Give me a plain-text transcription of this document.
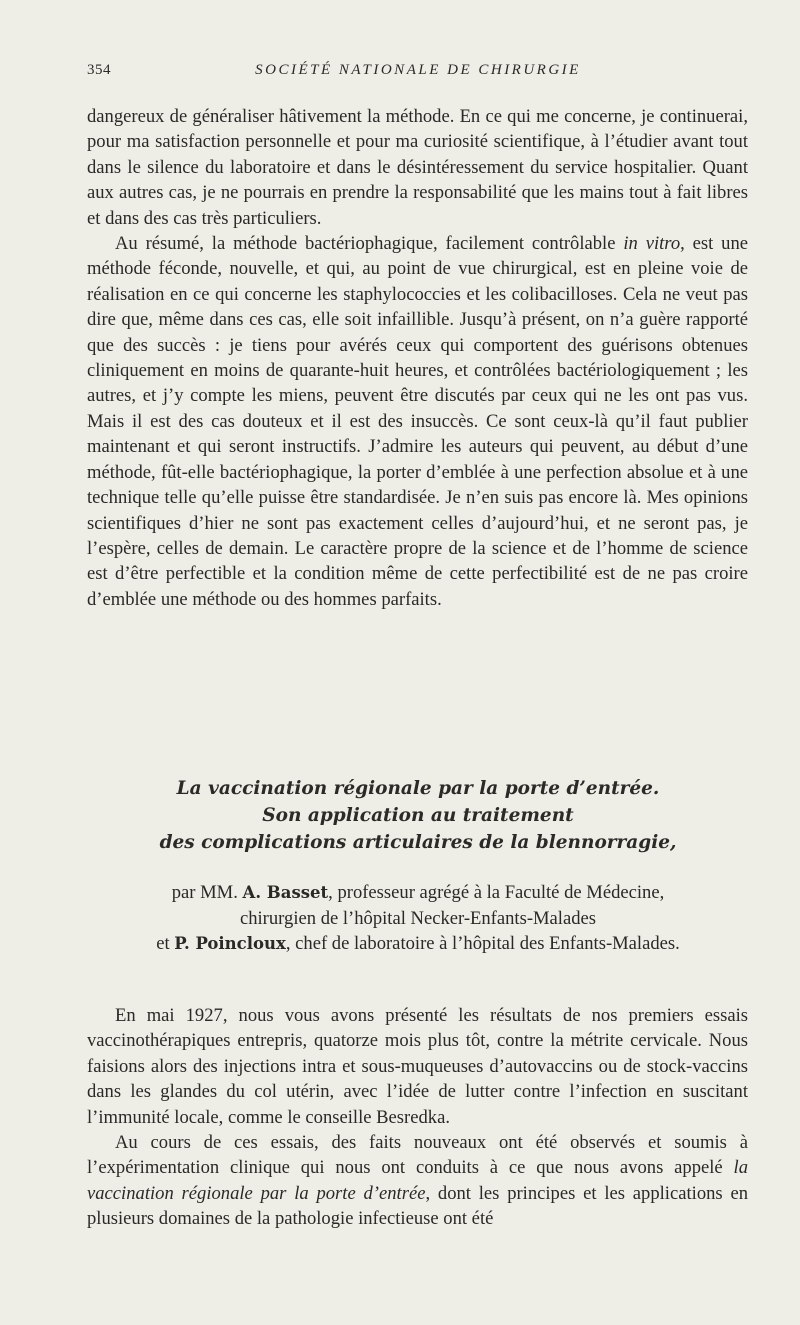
354	SOCIÉTÉ NATIONALE DE CHIRURGIE

dangereux de généraliser hâtivement la méthode. En ce qui me concerne, je continuerai, pour ma satisfaction personnelle et pour ma curiosité scientifique, à l’étudier avant tout dans le silence du laboratoire et dans le désintéressement du service hospitalier. Quant aux autres cas, je ne pourrais en prendre la responsabilité que les mains tout à fait libres et dans des cas très particuliers.

Au résumé, la méthode bactériophagique, facilement contrôlable in vitro, est une méthode féconde, nouvelle, et qui, au point de vue chirurgical, est en pleine voie de réalisation en ce qui concerne les staphylococcies et les colibacilloses. Cela ne veut pas dire que, même dans ces cas, elle soit infaillible. Jusqu’à présent, on n’a guère rapporté que des succès : je tiens pour avérés ceux qui comportent des guérisons obtenues cliniquement en moins de quarante-huit heures, et contrôlées bactériologiquement ; les autres, et j’y compte les miens, peuvent être discutés par ceux qui ne les ont pas vus. Mais il est des cas douteux et il est des insuccès. Ce sont ceux-là qu’il faut publier maintenant et qui seront instructifs. J’admire les auteurs qui peuvent, au début d’une méthode, fût-elle bactériophagique, la porter d’emblée à une perfection absolue et à une technique telle qu’elle puisse être standardisée. Je n’en suis pas encore là. Mes opinions scientifiques d’hier ne sont pas exactement celles d’aujourd’hui, et ne seront pas, je l’espère, celles de demain. Le caractère propre de la science et de l’homme de science est d’être perfectible et la condition même de cette perfectibilité est de ne pas croire d’emblée une méthode ou des hommes parfaits.

La vaccination régionale par la porte d’entrée.
Son application au traitement
des complications articulaires de la blennorragie,
par MM. A. Basset, professeur agrégé à la Faculté de Médecine,
chirurgien de l’hôpital Necker-Enfants-Malades
et P. Poincloux, chef de laboratoire à l’hôpital des Enfants-Malades.

En mai 1927, nous vous avons présenté les résultats de nos premiers essais vaccinothérapiques entrepris, quatorze mois plus tôt, contre la métrite cervicale. Nous faisions alors des injections intra et sous-muqueuses d’autovaccins ou de stock-vaccins dans les glandes du col utérin, avec l’idée de lutter contre l’infection en suscitant l’immunité locale, comme le conseille Besredka.

Au cours de ces essais, des faits nouveaux ont été observés et soumis à l’expérimentation clinique qui nous ont conduits à ce que nous avons appelé la vaccination régionale par la porte d’entrée, dont les principes et les applications en plusieurs domaines de la pathologie infectieuse ont été
